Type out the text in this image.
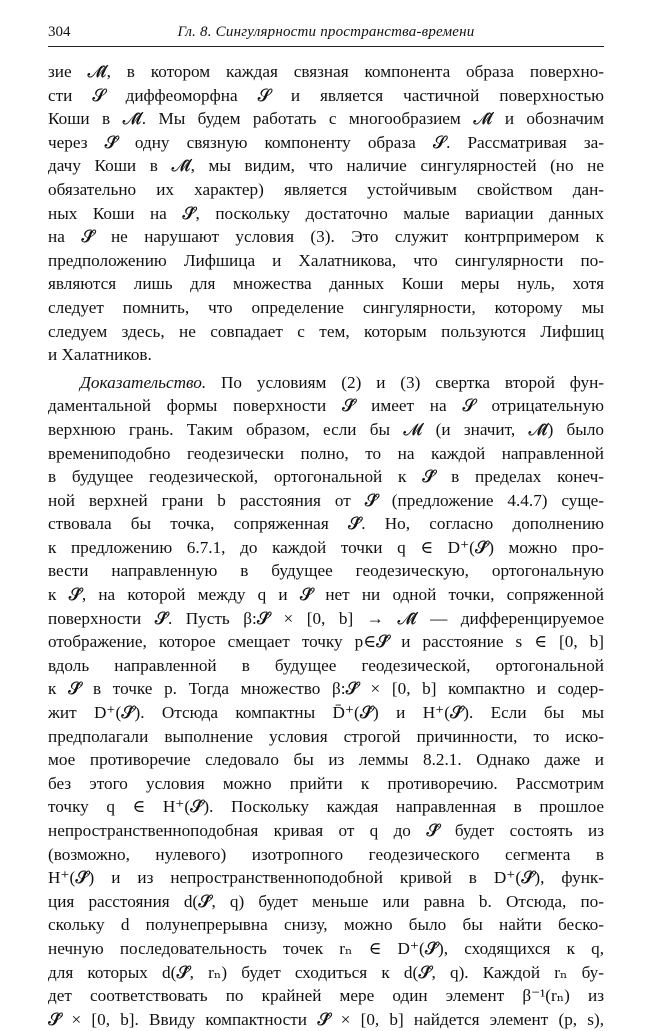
304	Гл. 8. Сингулярности пространства-времени
зие 𝓜̂, в котором каждая связная компонента образа поверхно-
сти 𝓢 диффеоморфна 𝓢 и является частичной поверхностью
Коши в 𝓜̂. Мы будем работать с многообразием 𝓜̂ и обозначим
через 𝓢̂ одну связную компоненту образа 𝓢. Рассматривая за-
дачу Коши в 𝓜̂, мы видим, что наличие сингулярностей (но не
обязательно их характер) является устойчивым свойством дан-
ных Коши на 𝓢̂, поскольку достаточно малые вариации данных
на 𝓢̂ не нарушают условия (3). Это служит контрпримером к
предположению Лифшица и Халатникова, что сингулярности по-
являются лишь для множества данных Коши меры нуль, хотя
следует помнить, что определение сингулярности, которому мы
следуем здесь, не совпадает с тем, которым пользуются Лифшиц
и Халатников.
Доказательство. По условиям (2) и (3) свертка второй фун-
даментальной формы поверхности 𝓢̂ имеет на 𝓢 отрицательную
верхнюю грань. Таким образом, если бы 𝓜 (и значит, 𝓜̂) было
времениподобно геодезически полно, то на каждой направленной
в будущее геодезической, ортогональной к 𝓢̂ в пределах конеч-
ной верхней грани b расстояния от 𝓢̂ (предложение 4.4.7) суще-
ствовала бы точка, сопряженная 𝓢̂. Но, согласно дополнению
к предложению 6.7.1, до каждой точки q ∈ D⁺(𝓢̂) можно про-
вести направленную в будущее геодезическую, ортогональную
к 𝓢̂, на которой между q и 𝓢̂ нет ни одной точки, сопряженной
поверхности 𝓢̂. Пусть β:𝓢̂ × [0, b] → 𝓜̂ — дифференцируемое
отображение, которое смещает точку p∈𝓢̂ и расстояние s ∈ [0, b]
вдоль направленной в будущее геодезической, ортогональной
к 𝓢̂ в точке p. Тогда множество β:𝓢̂ × [0, b] компактно и содер-
жит D⁺(𝓢̂). Отсюда компактны D̄⁺(𝓢̂) и H⁺(𝓢̂). Если бы мы
предполагали выполнение условия строгой причинности, то иско-
мое противоречие следовало бы из леммы 8.2.1. Однако даже и
без этого условия можно прийти к противоречию. Рассмотрим
точку q ∈ H⁺(𝓢̂). Поскольку каждая направленная в прошлое
непространственноподобная кривая от q до 𝓢̂ будет состоять из
(возможно, нулевого) изотропного геодезического сегмента в
H⁺(𝓢̂) и из непространственноподобной кривой в D⁺(𝓢̂), функ-
ция расстояния d(𝓢̂, q) будет меньше или равна b. Отсюда, по-
скольку d полунепрерывна снизу, можно было бы найти беско-
нечную последовательность точек rₙ ∈ D⁺(𝓢̂), сходящихся к q,
для которых d(𝓢̂, rₙ) будет сходиться к d(𝓢̂, q). Каждой rₙ бу-
дет соответствовать по крайней мере один элемент β⁻¹(rₙ) из
𝓢̂ × [0, b]. Ввиду компактности 𝓢̂ × [0, b] найдется элемент (p, s),
